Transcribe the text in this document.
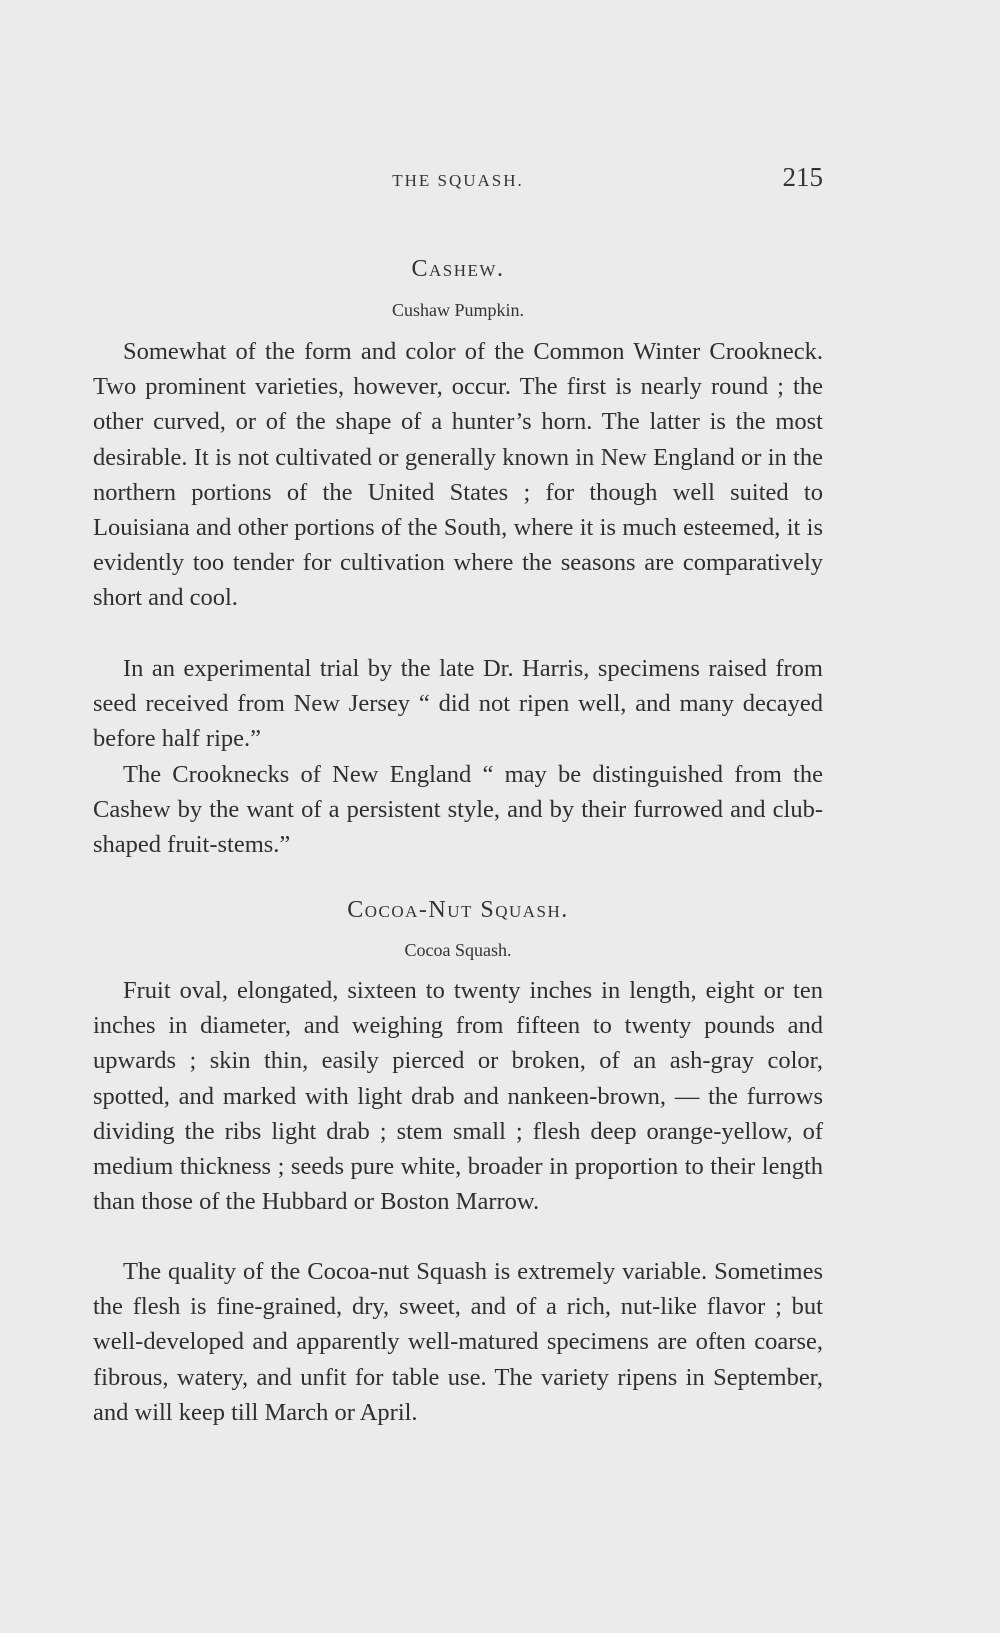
THE SQUASH.	215
Cashew.
Cushaw Pumpkin.

Somewhat of the form and color of the Common Winter Crookneck. Two prominent varieties, however, occur. The first is nearly round ; the other curved, or of the shape of a hunter’s horn. The latter is the most desirable. It is not cultivated or generally known in New England or in the northern portions of the United States ; for though well suited to Louisiana and other portions of the South, where it is much esteemed, it is evidently too tender for cultivation where the seasons are comparatively short and cool.

In an experimental trial by the late Dr. Harris, specimens raised from seed received from New Jersey “ did not ripen well, and many decayed before half ripe.”

The Crooknecks of New England “ may be distinguished from the Cashew by the want of a persistent style, and by their furrowed and club-shaped fruit-stems.”

Cocoa-Nut Squash.
Cocoa Squash.

Fruit oval, elongated, sixteen to twenty inches in length, eight or ten inches in diameter, and weighing from fifteen to twenty pounds and upwards ; skin thin, easily pierced or broken, of an ash-gray color, spotted, and marked with light drab and nankeen-brown, — the furrows dividing the ribs light drab ; stem small ; flesh deep orange-yellow, of medium thickness ; seeds pure white, broader in proportion to their length than those of the Hubbard or Boston Marrow.

The quality of the Cocoa-nut Squash is extremely variable. Sometimes the flesh is fine-grained, dry, sweet, and of a rich, nut-like flavor ; but well-developed and apparently well-matured specimens are often coarse, fibrous, watery, and unfit for table use. The variety ripens in September, and will keep till March or April.
